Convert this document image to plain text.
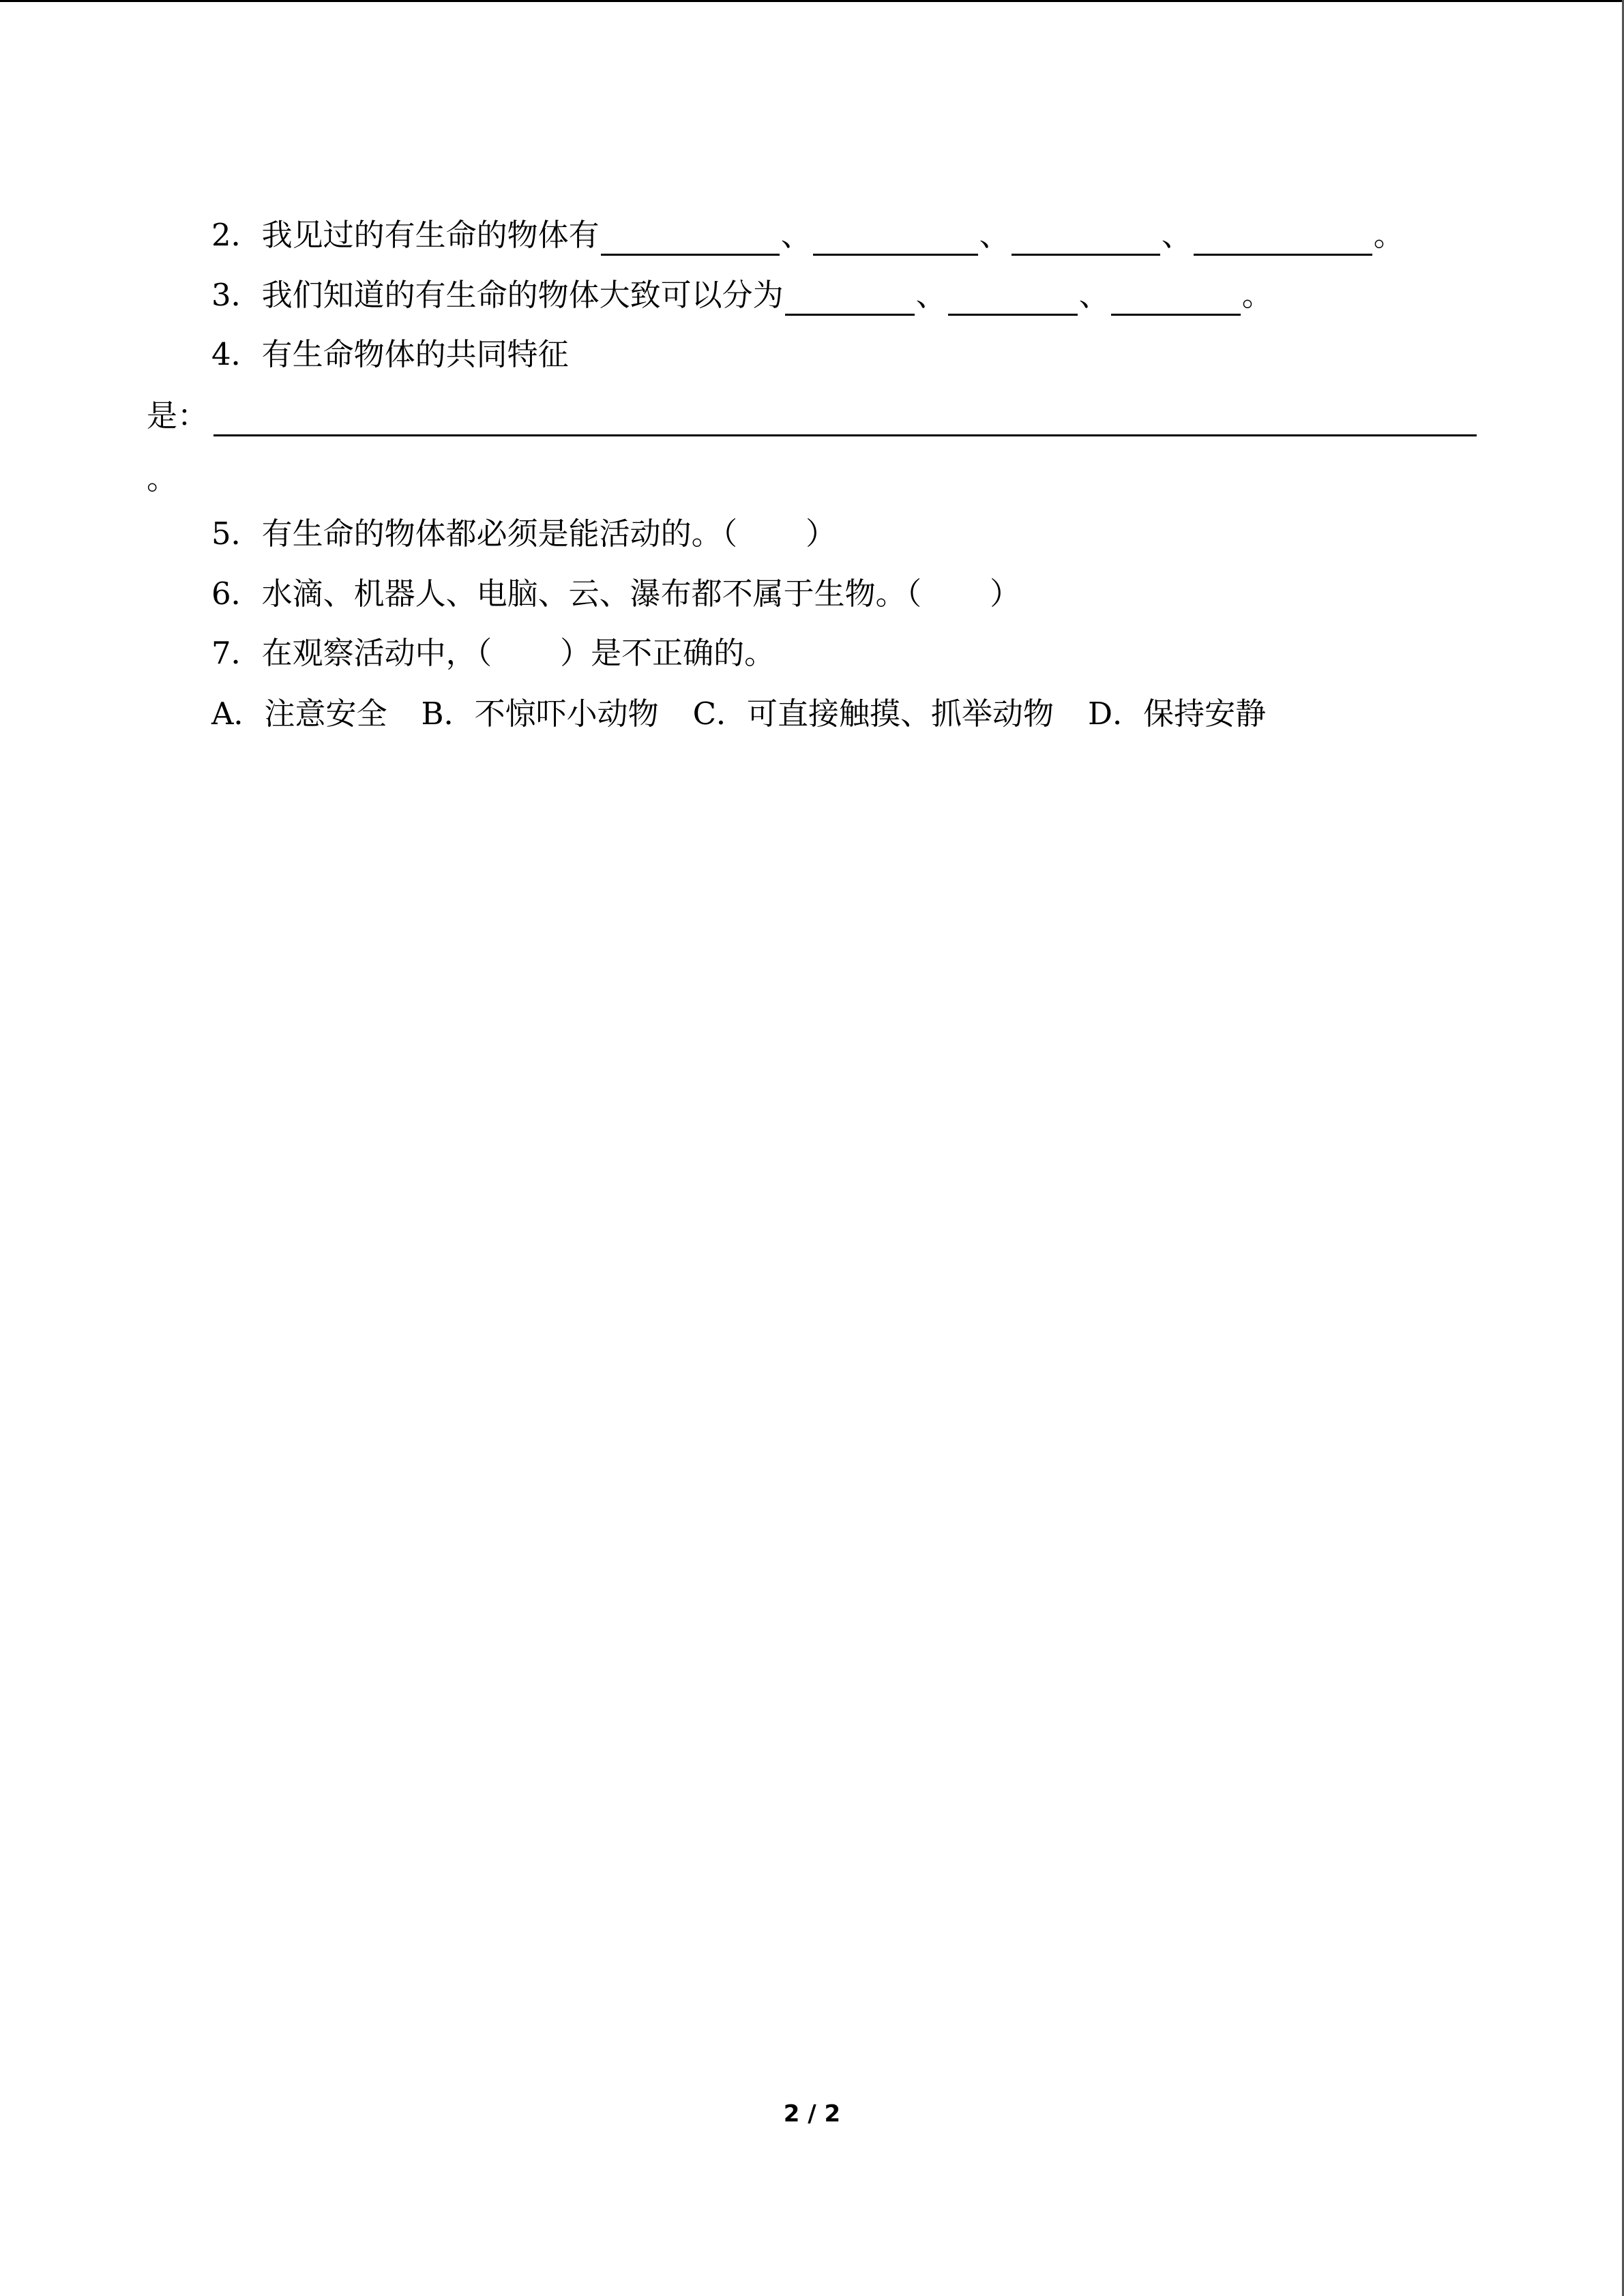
2． 我见过的有生命的物体有	、	、	、	。
3． 我们知道的有生命的物体大致可以分为	、	、	。
4． 有生命物体的共同特征
是：
。
5． 有生命的物体都必须是能活动的。（ ）
6． 水滴、机器人、电脑、云、瀑布都不属于生物。（ ）
7． 在观察活动中，（ ）是不正确的。
A．注意安全 B．不惊吓小动物 C．可直接触摸、抓举动物 D．保持安静
2 / 2
